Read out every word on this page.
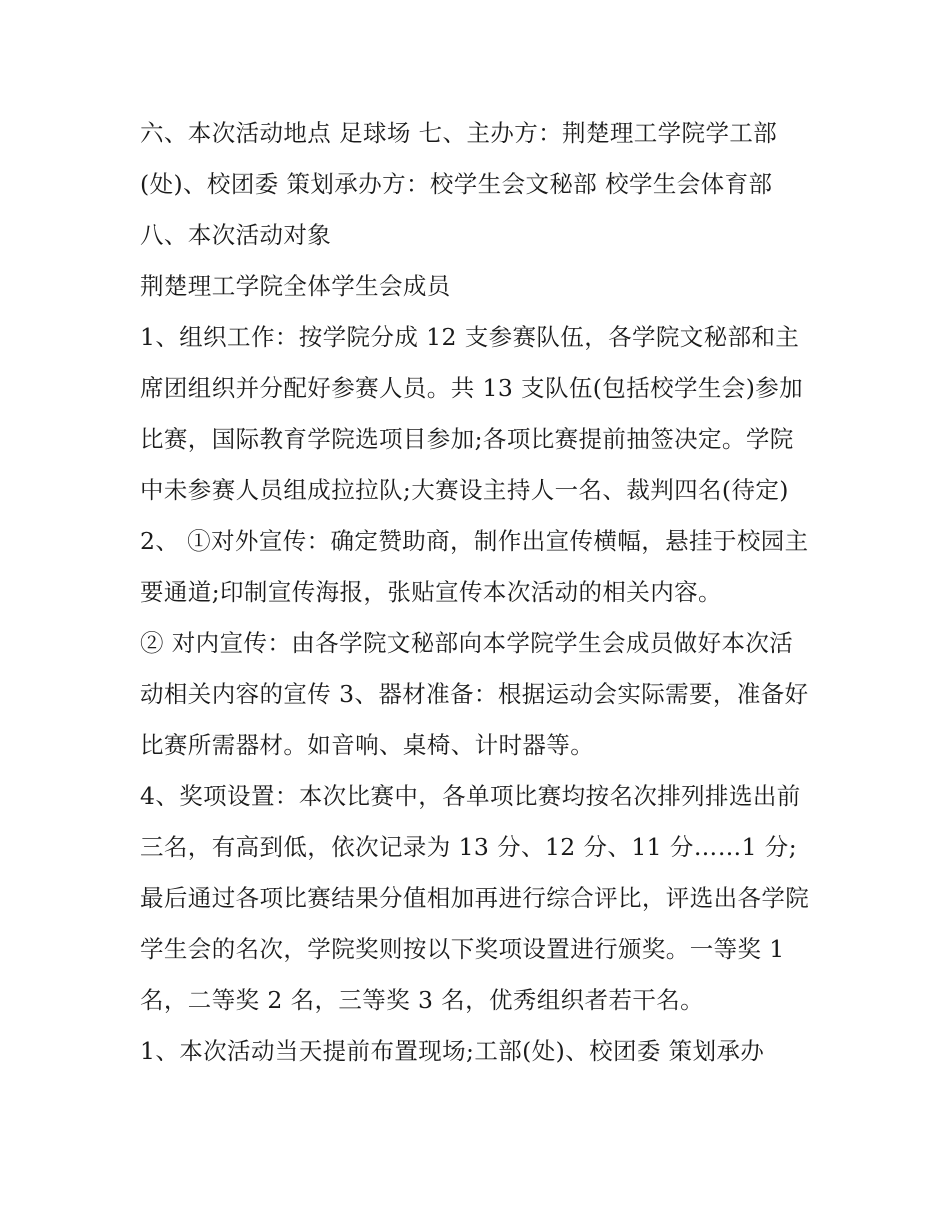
六、本次活动地点 足球场 七、主办方：荆楚理工学院学工部(处)、校团委 策划承办方：校学生会文秘部 校学生会体育部 八、本次活动对象

荆楚理工学院全体学生会成员

1、组织工作：按学院分成 12 支参赛队伍，各学院文秘部和主席团组织并分配好参赛人员。共 13 支队伍(包括校学生会)参加比赛，国际教育学院选项目参加;各项比赛提前抽签决定。学院中未参赛人员组成拉拉队;大赛设主持人一名、裁判四名(待定)

2、 ①对外宣传：确定赞助商，制作出宣传横幅，悬挂于校园主要通道;印制宣传海报，张贴宣传本次活动的相关内容。

② 对内宣传：由各学院文秘部向本学院学生会成员做好本次活动相关内容的宣传 3、器材准备：根据运动会实际需要，准备好比赛所需器材。如音响、桌椅、计时器等。

4、奖项设置：本次比赛中，各单项比赛均按名次排列排选出前三名，有高到低，依次记录为 13 分、12 分、11 分……1 分;最后通过各项比赛结果分值相加再进行综合评比，评选出各学院学生会的名次，学院奖则按以下奖项设置进行颁奖。一等奖 1名，二等奖 2 名，三等奖 3 名，优秀组织者若干名。

1、本次活动当天提前布置现场;工部(处)、校团委 策划承办
